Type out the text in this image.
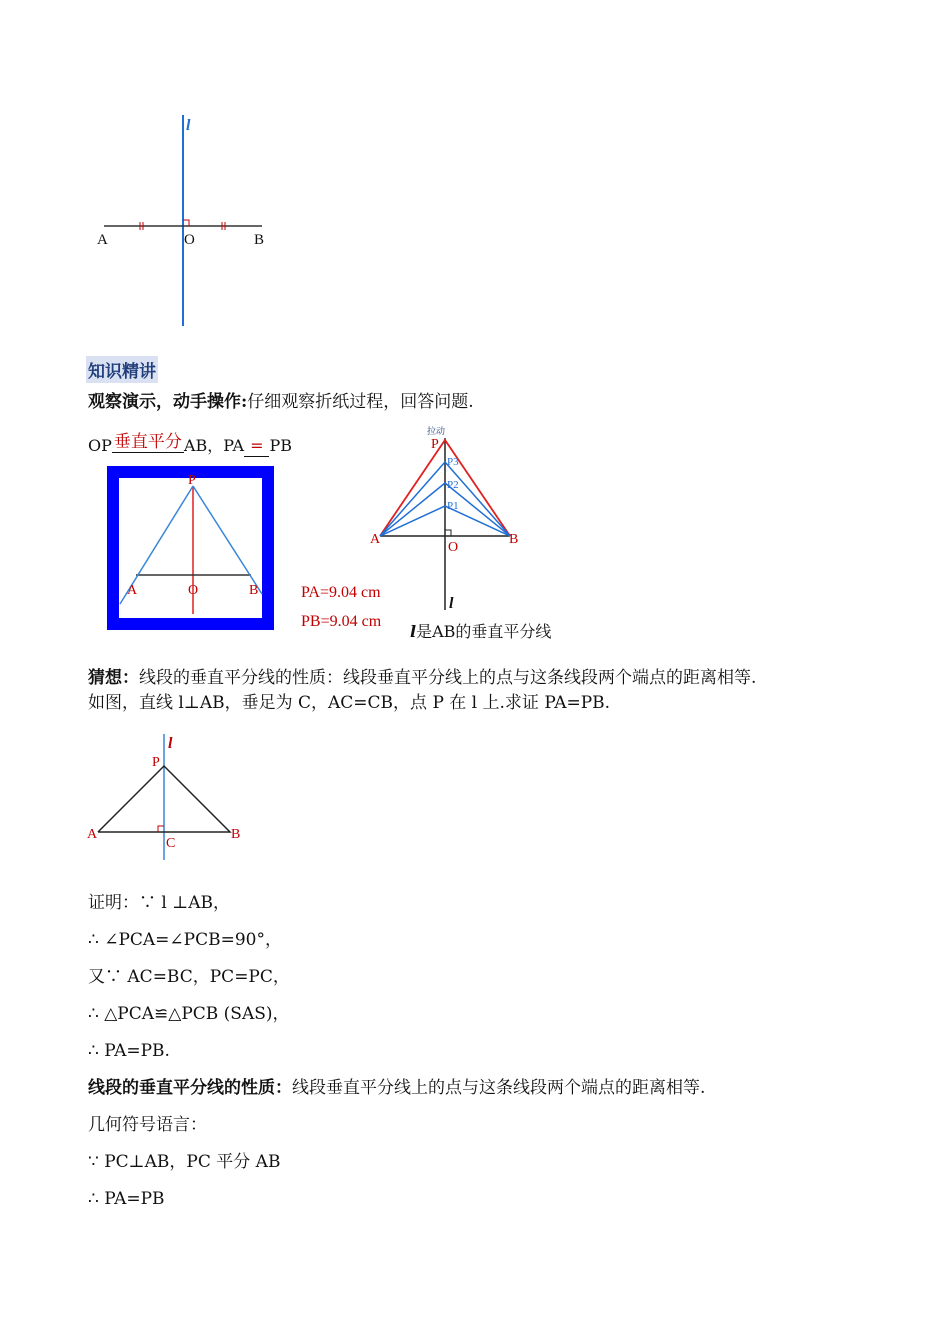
l
A	O	B
知识精讲
观察演示，动手操作:仔细观察折纸过程，回答问题.
OP 垂直平分 AB，PA = PB
P
A	O	B	PA=9.04 cm
PB=9.04 cm
拉动
P
P3
P2
P1
A
O
B
l
l是AB的垂直平分线
猜想：线段的垂直平分线的性质：线段垂直平分线上的点与这条线段两个端点的距离相等.
如图，直线 l⊥AB，垂足为 C，AC=CB，点 P 在 l 上.求证 PA=PB.
l
P
A
C
B
证明：∵ l ⊥AB，
∴ ∠PCA=∠PCB=90°，
又∵ AC=BC，PC=PC，
∴ △PCA≌△PCB (SAS)，
∴ PA=PB.
线段的垂直平分线的性质：线段垂直平分线上的点与这条线段两个端点的距离相等.
几何符号语言：
∵ PC⊥AB，PC 平分 AB
∴ PA=PB
